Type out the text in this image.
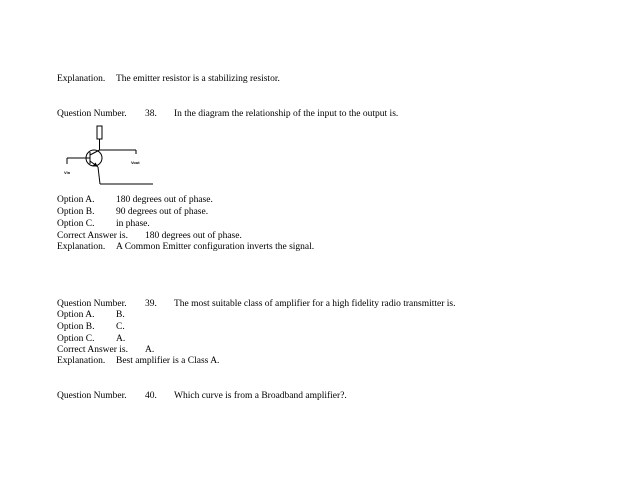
Explanation. The emitter resistor is a stabilizing resistor.
Question Number. 38. In the diagram the relationship of the input to the output is.
Vin
Vout
Option A. 180 degrees out of phase.
Option B. 90 degrees out of phase.
Option C. in phase.
Correct Answer is. 180 degrees out of phase.
Explanation. A Common Emitter configuration inverts the signal.
Question Number. 39. The most suitable class of amplifier for a high fidelity radio transmitter is.
Option A. B.
Option B. C.
Option C. A.
Correct Answer is. A.
Explanation. Best amplifier is a Class A.
Question Number. 40. Which curve is from a Broadband amplifier?.
